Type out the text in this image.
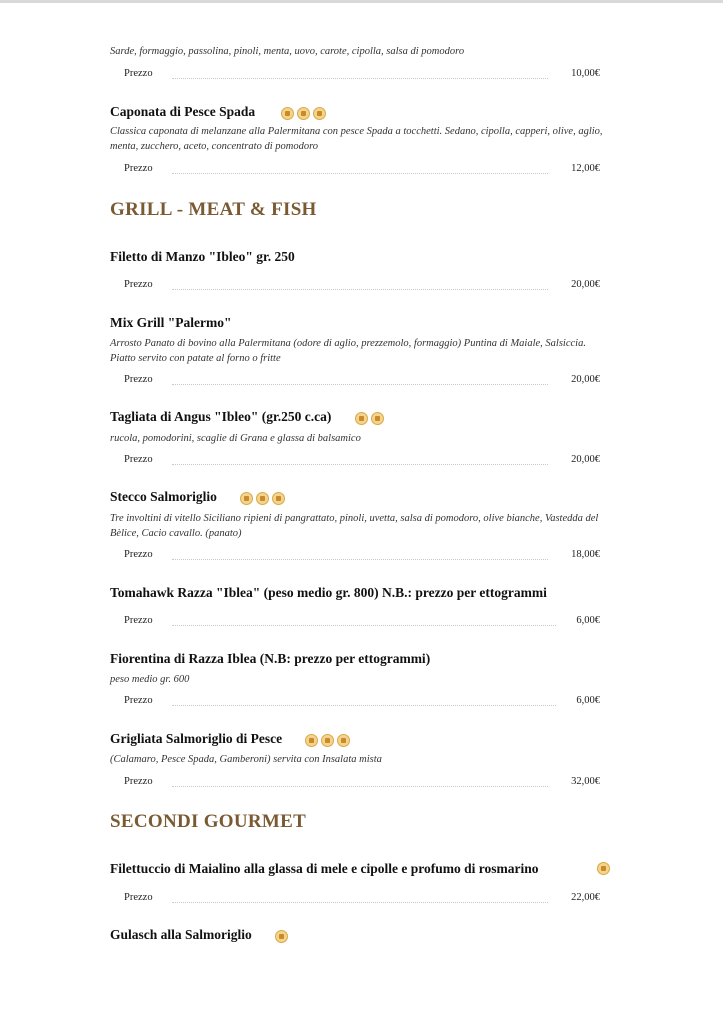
Sarde, formaggio, passolina, pinoli, menta, uovo, carote, cipolla, salsa di pomodoro
Prezzo	10,00€
Caponata di Pesce Spada
Classica caponata di melanzane alla Palermitana con pesce Spada a tocchetti. Sedano, cipolla, capperi, olive, aglio, menta, zucchero, aceto, concentrato di pomodoro
Prezzo	12,00€
GRILL - MEAT & FISH
Filetto di Manzo "Ibleo" gr. 250
Prezzo	20,00€
Mix Grill "Palermo"
Arrosto Panato di bovino alla Palermitana (odore di aglio, prezzemolo, formaggio) Puntina di Maiale, Salsiccia. Piatto servito con patate al forno o fritte
Prezzo	20,00€
Tagliata di Angus "Ibleo" (gr.250 c.ca)
rucola, pomodorini, scaglie di Grana e glassa di balsamico
Prezzo	20,00€
Stecco Salmoriglio
Tre involtini di vitello Siciliano ripieni di pangrattato, pinoli, uvetta, salsa di pomodoro, olive bianche, Vastedda del Bèlice, Cacio cavallo. (panato)
Prezzo	18,00€
Tomahawk Razza "Iblea" (peso medio gr. 800) N.B.: prezzo per ettogrammi
Prezzo	6,00€
Fiorentina di Razza Iblea (N.B: prezzo per ettogrammi)
peso medio gr. 600
Prezzo	6,00€
Grigliata Salmoriglio di Pesce
(Calamaro, Pesce Spada, Gamberoni) servita con Insalata mista
Prezzo	32,00€
SECONDI GOURMET
Filettuccio di Maialino alla glassa di mele e cipolle e profumo di rosmarino
Prezzo	22,00€
Gulasch alla Salmoriglio
